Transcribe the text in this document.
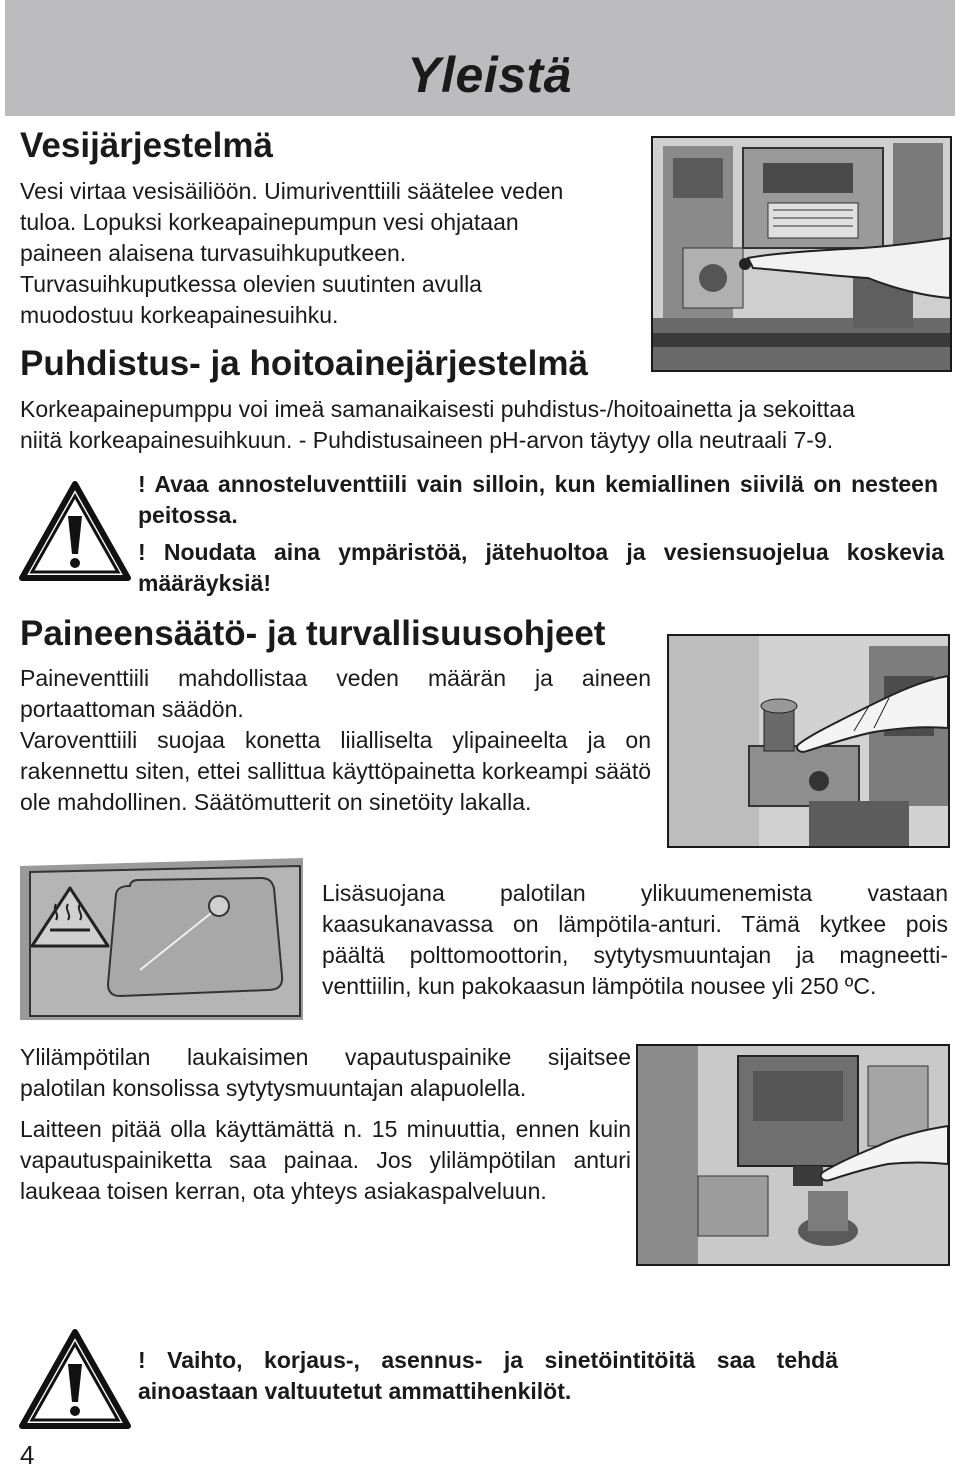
Yleistä
Vesijärjestelmä
Vesi virtaa vesisäiliöön. Uimuriventtiili säätelee veden
tuloa. Lopuksi korkeapainepumpun vesi ohjataan
paineen alaisena turvasuihkuputkeen.
Turvasuihkuputkessa olevien suutinten avulla
muodostuu korkeapainesuihku.
Puhdistus- ja hoitoainejärjestelmä
Korkeapainepumppu voi imeä samanaikaisesti puhdistus-/hoitoainetta ja sekoittaa
niitä korkeapainesuihkuun. - Puhdistusaineen pH-arvon täytyy olla neutraali 7-9.
! Avaa annosteluventtiili vain silloin, kun kemiallinen siivilä on nesteen peitossa.
! Noudata aina ympäristöä, jätehuoltoa ja vesiensuojelua koskevia määräyksiä!
Paineensäätö- ja turvallisuusohjeet
Paineventtiili mahdollistaa veden määrän ja aineen portaattoman säädön.
Varoventtiili suojaa konetta liialliselta ylipaineelta ja on rakennettu siten, ettei sallittua käyttöpainetta korkeampi säätö ole mahdollinen. Säätömutterit on sinetöity lakalla.
Lisäsuojana palotilan ylikuumenemista vastaan kaasukanavassa on lämpötila-anturi. Tämä kytkee pois päältä polttomoottorin, sytytysmuuntajan ja magneettiventtiilin, kun pakokaasun lämpötila nousee yli 250 ºC.
Ylilämpötilan laukaisimen vapautuspainike sijaitsee palotilan konsolissa sytytysmuuntajan alapuolella.
Laitteen pitää olla käyttämättä n. 15 minuuttia, ennen kuin vapautuspainiketta saa painaa. Jos ylilämpötilan anturi laukeaa toisen kerran, ota yhteys asiakaspalveluun.
! Vaihto, korjaus-, asennus- ja sinetöintitöitä saa tehdä ainoastaan valtuutetut ammattihenkilöt.
4
